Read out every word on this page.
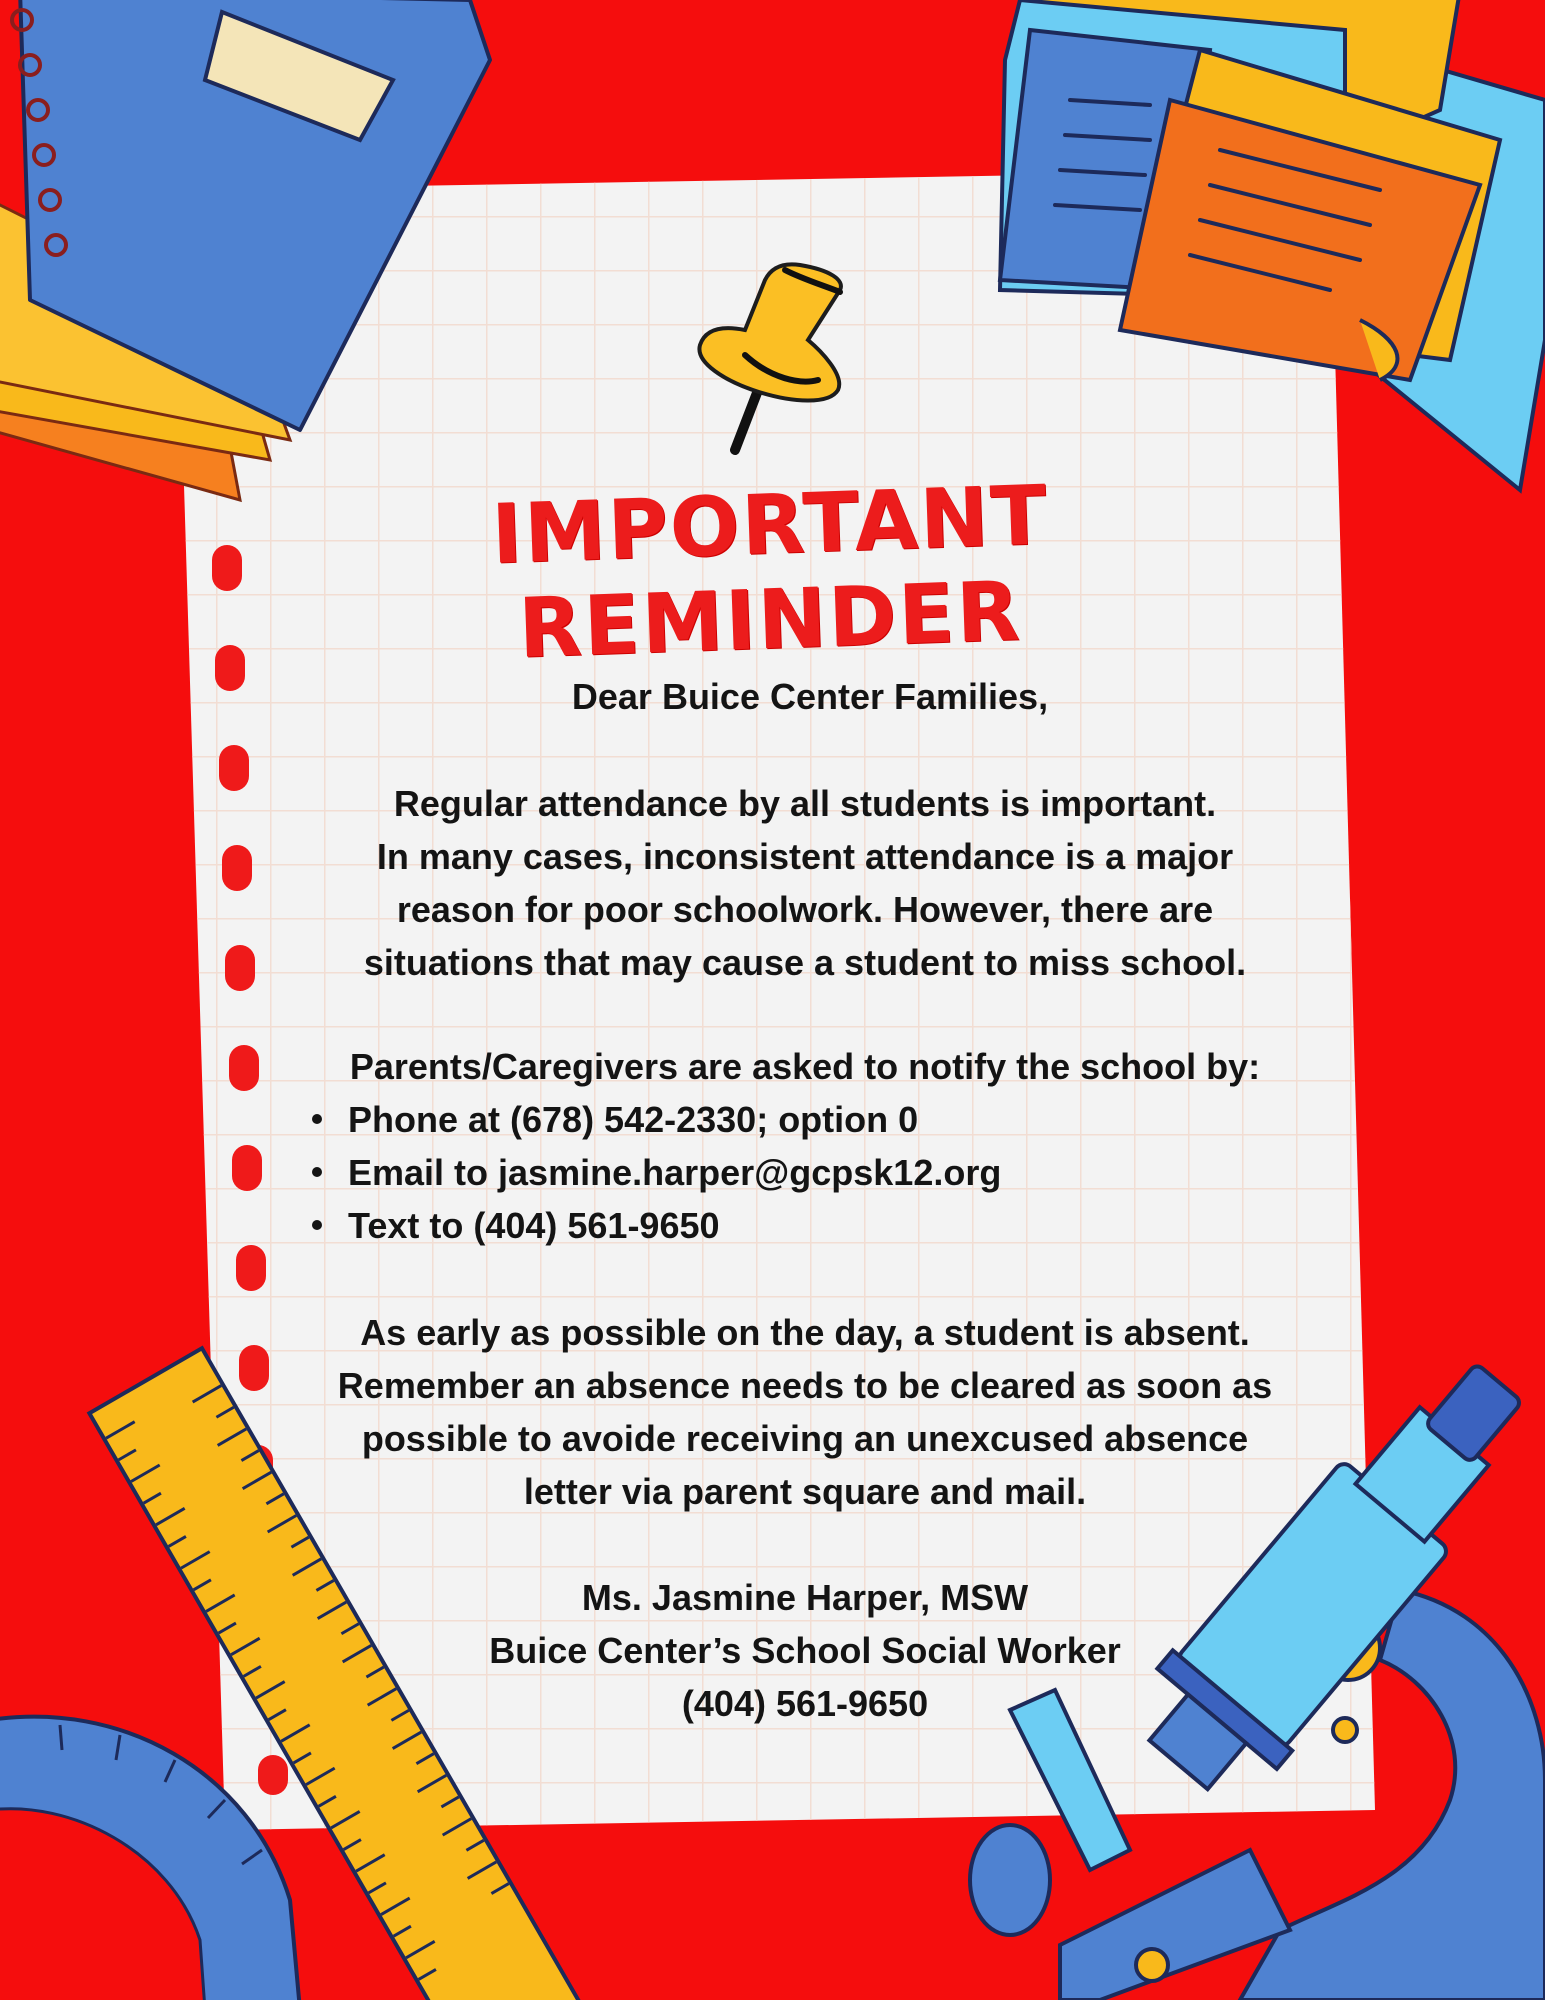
IMPORTANT
REMINDER

Dear Buice Center Families,

Regular attendance by all students is important.

In many cases, inconsistent attendance is a major

reason for poor schoolwork. However, there are

situations that may cause a student to miss school.

Parents/Caregivers are asked to notify the school by:

Phone at (678) 542-2330; option 0
Email to jasmine.harper@gcpsk12.org
Text to (404) 561-9650

As early as possible on the day, a student is absent.

Remember an absence needs to be cleared as soon as

possible to avoide receiving an unexcused absence

letter via parent square and mail.

Ms. Jasmine Harper, MSW

Buice Center’s School Social Worker

(404) 561-9650
